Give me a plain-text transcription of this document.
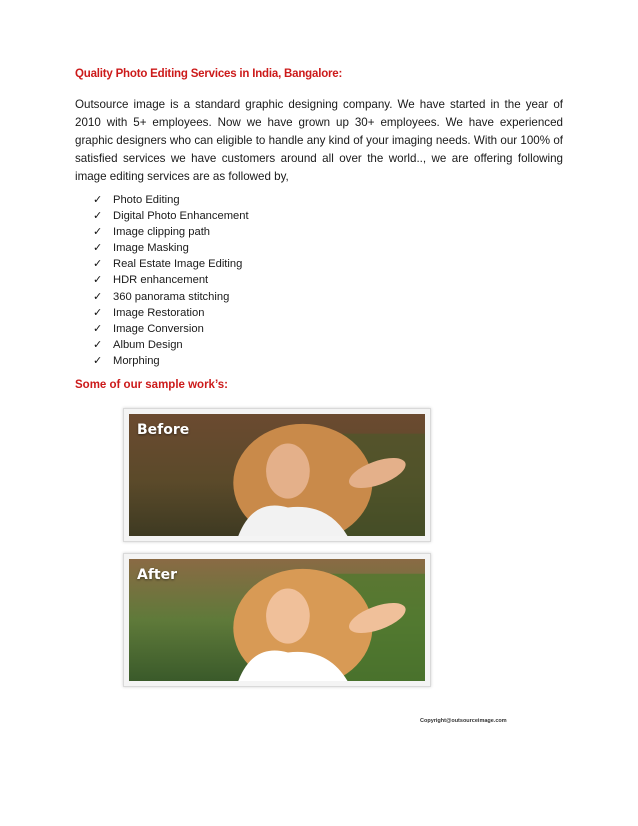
Quality Photo Editing Services in India, Bangalore:

Outsource image is a standard graphic designing company. We have started in the year of 2010 with 5+ employees. Now we have grown up 30+ employees. We have experienced graphic designers who can eligible to handle any kind of your imaging needs. With our 100% of satisfied services we have customers around all over the world.., we are offering following image editing services are as followed by,

✓ Photo Editing
✓ Digital Photo Enhancement
✓ Image clipping path
✓ Image Masking
✓ Real Estate Image Editing
✓ HDR enhancement
✓ 360 panorama stitching
✓ Image Restoration
✓ Image Conversion
✓ Album Design
✓ Morphing
Some of our sample work’s:
Before
After
Copyright@outsourceimage.com
